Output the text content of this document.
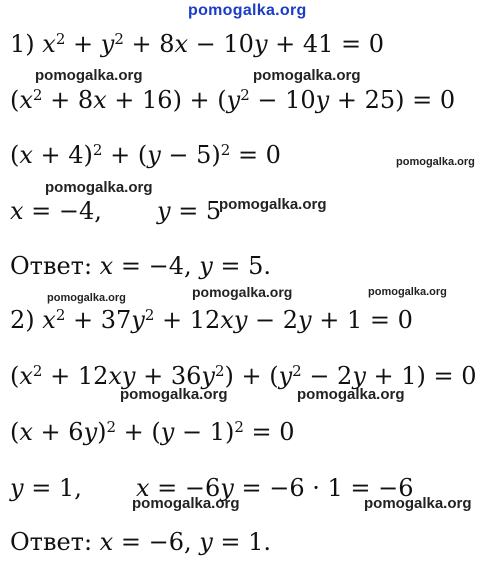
pomogalka.org
pomogalka.org	pomogalka.org
pomogalka.org
pomogalka.org
pomogalka.org
pomogalka.org	pomogalka.org	pomogalka.org
pomogalka.org	pomogalka.org
pomogalka.org	pomogalka.org
1) $x^2 + y^2 + 8x - 10y + 41 = 0$
$(x^2 + 8x + 16) + (y^2 - 10y + 25) = 0$
$(x + 4)^2 + (y - 5)^2 = 0$
x = −4, y = 5
Ответ: x = −4, y = 5.
2) $x^2 + 37y^2 + 12xy - 2y + 1 = 0$
$(x^2 + 12xy + 36y^2) + (y^2 - 2y + 1) = 0$
$(x + 6y)^2 + (y - 1)^2 = 0$
y = 1, x = −6y = −6 · 1 = −6
Ответ: x = −6, y = 1.
